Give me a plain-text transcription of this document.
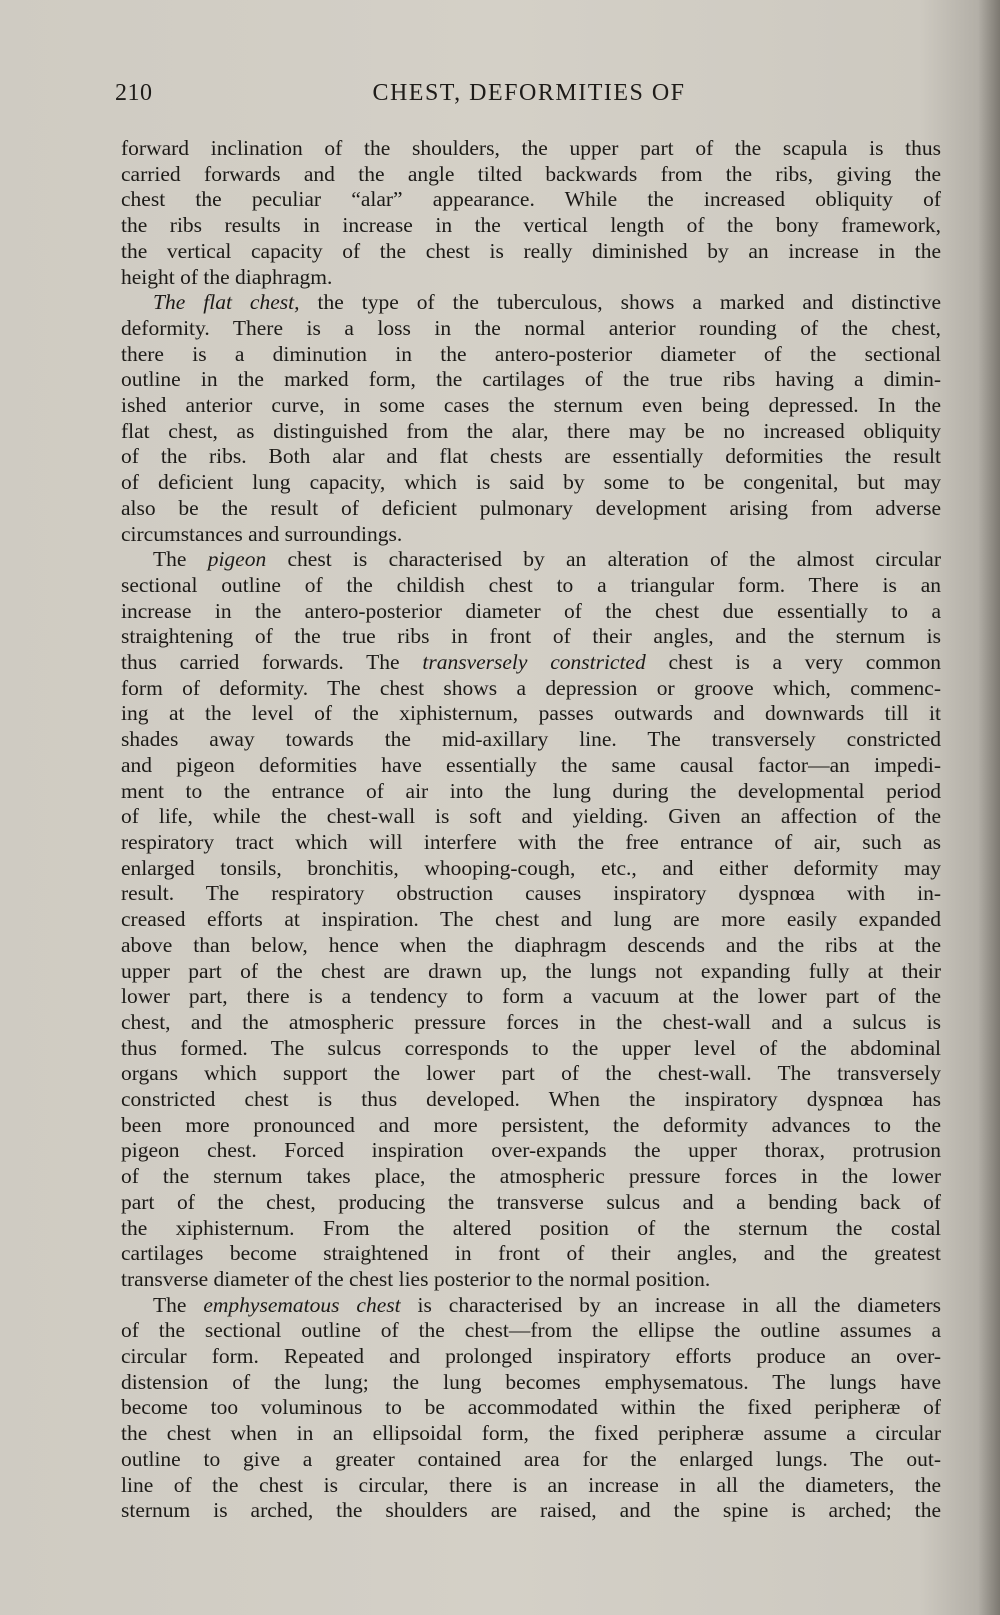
210	CHEST, DEFORMITIES OF
forward inclination of the shoulders, the upper part of the scapula is thus
carried forwards and the angle tilted backwards from the ribs, giving the
chest the peculiar “alar” appearance. While the increased obliquity of
the ribs results in increase in the vertical length of the bony framework,
the vertical capacity of the chest is really diminished by an increase in the
height of the diaphragm.
The flat chest, the type of the tuberculous, shows a marked and distinctive
deformity. There is a loss in the normal anterior rounding of the chest,
there is a diminution in the antero-posterior diameter of the sectional
outline in the marked form, the cartilages of the true ribs having a dimin-
ished anterior curve, in some cases the sternum even being depressed. In the
flat chest, as distinguished from the alar, there may be no increased obliquity
of the ribs. Both alar and flat chests are essentially deformities the result
of deficient lung capacity, which is said by some to be congenital, but may
also be the result of deficient pulmonary development arising from adverse
circumstances and surroundings.
The pigeon chest is characterised by an alteration of the almost circular
sectional outline of the childish chest to a triangular form. There is an
increase in the antero-posterior diameter of the chest due essentially to a
straightening of the true ribs in front of their angles, and the sternum is
thus carried forwards. The transversely constricted chest is a very common
form of deformity. The chest shows a depression or groove which, commenc-
ing at the level of the xiphisternum, passes outwards and downwards till it
shades away towards the mid-axillary line. The transversely constricted
and pigeon deformities have essentially the same causal factor—an impedi-
ment to the entrance of air into the lung during the developmental period
of life, while the chest-wall is soft and yielding. Given an affection of the
respiratory tract which will interfere with the free entrance of air, such as
enlarged tonsils, bronchitis, whooping-cough, etc., and either deformity may
result. The respiratory obstruction causes inspiratory dyspnœa with in-
creased efforts at inspiration. The chest and lung are more easily expanded
above than below, hence when the diaphragm descends and the ribs at the
upper part of the chest are drawn up, the lungs not expanding fully at their
lower part, there is a tendency to form a vacuum at the lower part of the
chest, and the atmospheric pressure forces in the chest-wall and a sulcus is
thus formed. The sulcus corresponds to the upper level of the abdominal
organs which support the lower part of the chest-wall. The transversely
constricted chest is thus developed. When the inspiratory dyspnœa has
been more pronounced and more persistent, the deformity advances to the
pigeon chest. Forced inspiration over-expands the upper thorax, protrusion
of the sternum takes place, the atmospheric pressure forces in the lower
part of the chest, producing the transverse sulcus and a bending back of
the xiphisternum. From the altered position of the sternum the costal
cartilages become straightened in front of their angles, and the greatest
transverse diameter of the chest lies posterior to the normal position.
The emphysematous chest is characterised by an increase in all the diameters
of the sectional outline of the chest—from the ellipse the outline assumes a
circular form. Repeated and prolonged inspiratory efforts produce an over-
distension of the lung; the lung becomes emphysematous. The lungs have
become too voluminous to be accommodated within the fixed peripheræ of
the chest when in an ellipsoidal form, the fixed peripheræ assume a circular
outline to give a greater contained area for the enlarged lungs. The out-
line of the chest is circular, there is an increase in all the diameters, the
sternum is arched, the shoulders are raised, and the spine is arched; the
